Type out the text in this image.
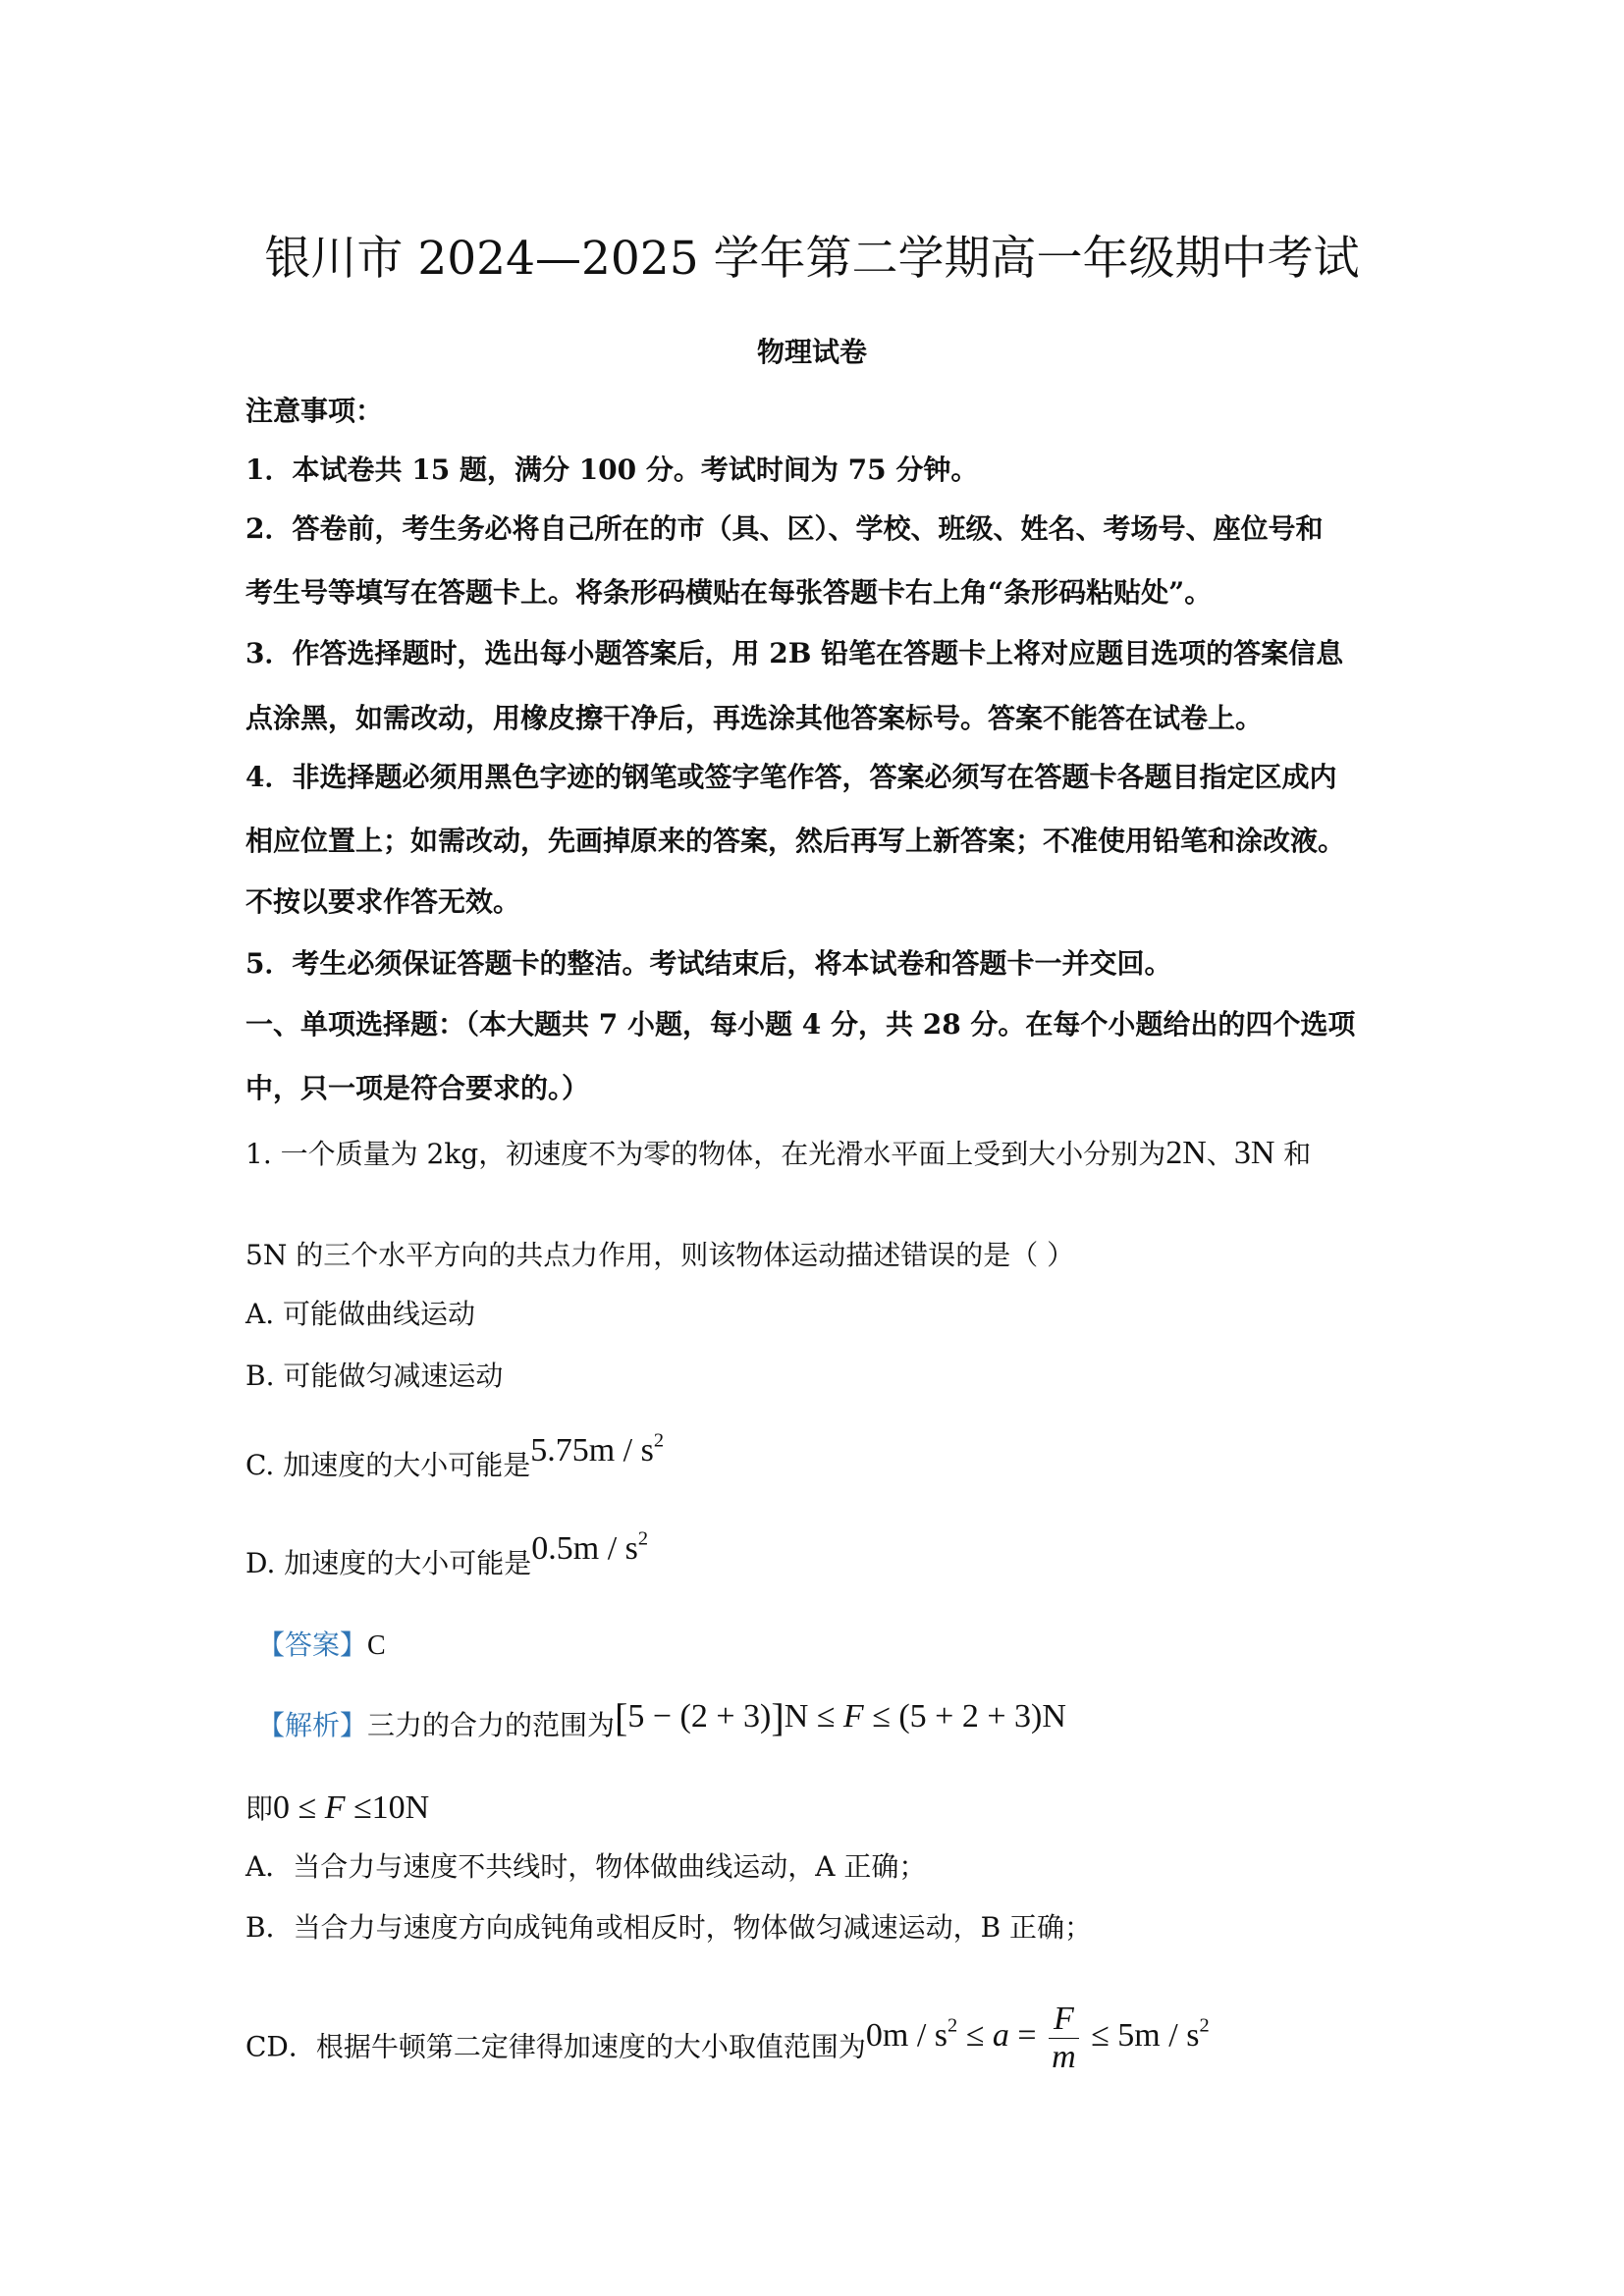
银川市 2024—2025 学年第二学期高一年级期中考试
物理试卷
注意事项：
1．本试卷共 15 题，满分 100 分。考试时间为 75 分钟。
2．答卷前，考生务必将自己所在的市（具、区）、学校、班级、姓名、考场号、座位号和
考生号等填写在答题卡上。将条形码横贴在每张答题卡右上角“条形码粘贴处”。
3．作答选择题时，选出每小题答案后，用 2B 铅笔在答题卡上将对应题目选项的答案信息
点涂黑，如需改动，用橡皮擦干净后，再选涂其他答案标号。答案不能答在试卷上。
4．非选择题必须用黑色字迹的钢笔或签字笔作答，答案必须写在答题卡各题目指定区成内
相应位置上；如需改动，先画掉原来的答案，然后再写上新答案；不准使用铅笔和涂改液。
不按以要求作答无效。
5．考生必须保证答题卡的整洁。考试结束后，将本试卷和答题卡一并交回。
一、单项选择题：（本大题共 7 小题，每小题 4 分，共 28 分。在每个小题给出的四个选项
中，只一项是符合要求的。）
1. 一个质量为 2kg，初速度不为零的物体，在光滑水平面上受到大小分别为2N、3N 和
5N 的三个水平方向的共点力作用，则该物体运动描述错误的是（ ）
A. 可能做曲线运动
B. 可能做匀减速运动
C. 加速度的大小可能是$5.75m / s^2$
D. 加速度的大小可能是$0.5m / s^2$
【答案】C
【解析】三力的合力的范围为[5 − (2 + 3)]N ≤ F ≤ (5 + 2 + 3)N
即0 ≤ F ≤10N
A．当合力与速度不共线时，物体做曲线运动，A 正确；
B．当合力与速度方向成钝角或相反时，物体做匀减速运动，B 正确；
CD．根据牛顿第二定律得加速度的大小取值范围为$0m / s^2 \le a = \frac{F}{m} \le 5m / s^2$
